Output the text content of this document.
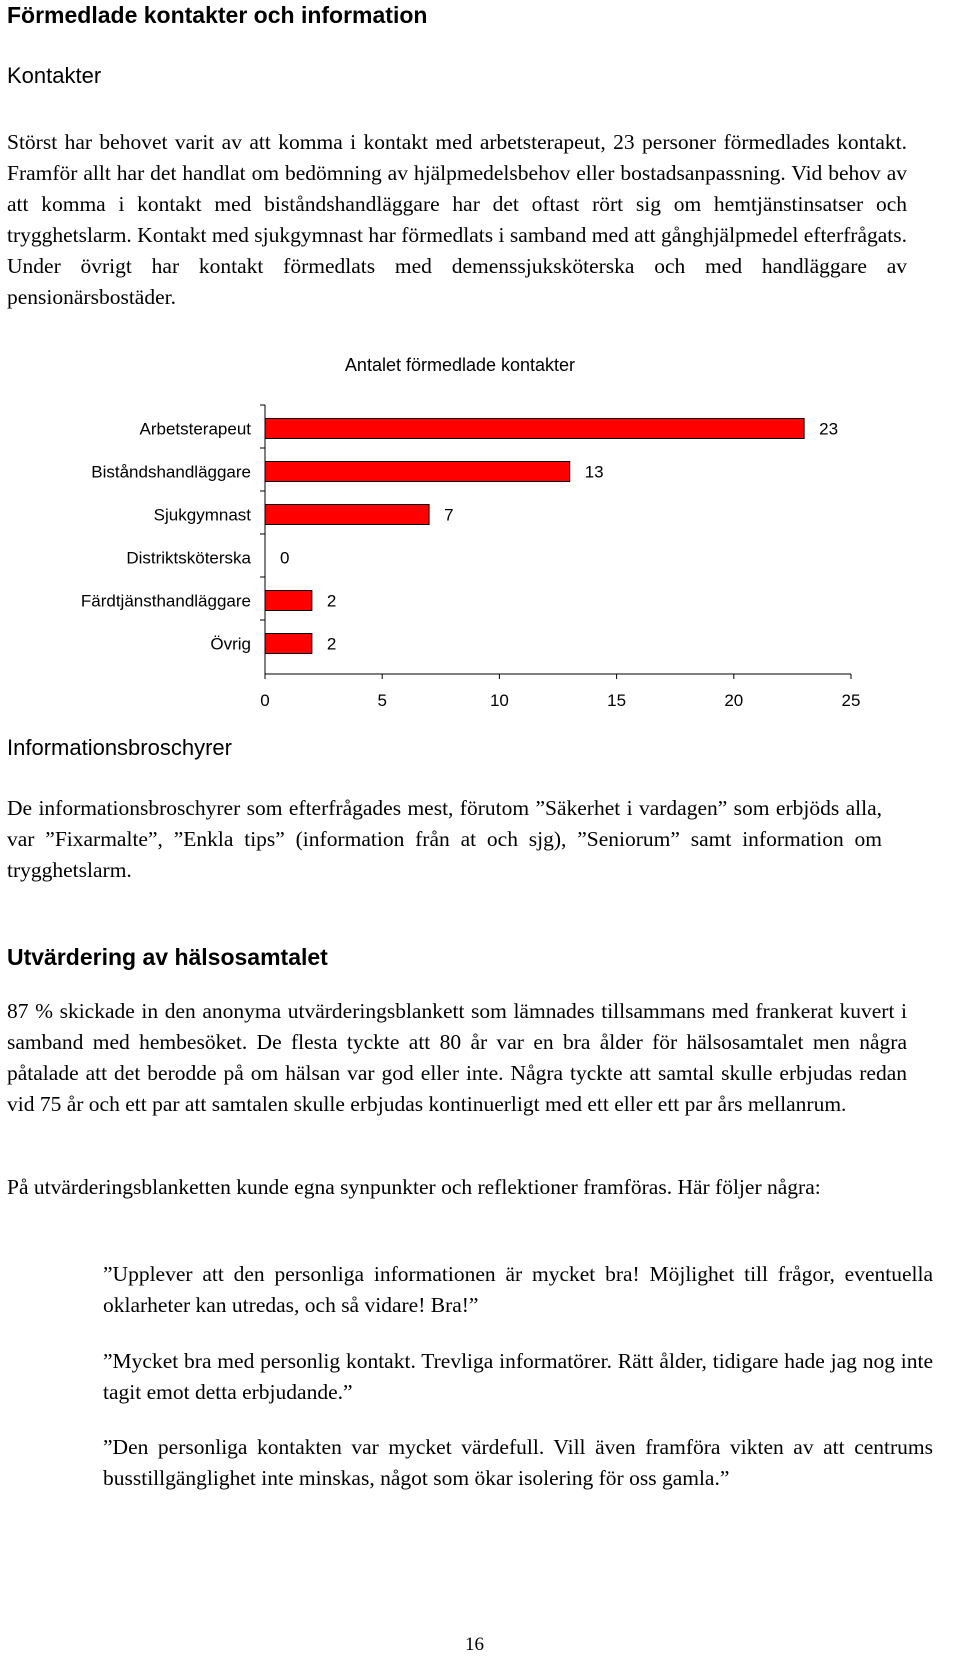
Förmedlade kontakter och information
Kontakter
Störst har behovet varit av att komma i kontakt med arbetsterapeut, 23 personer förmedlades kontakt. Framför allt har det handlat om bedömning av hjälpmedelsbehov eller bostadsanpassning. Vid behov av att komma i kontakt med biståndshandläggare har det oftast rört sig om hemtjänstinsatser och trygghetslarm. Kontakt med sjukgymnast har förmedlats i samband med att gånghjälpmedel efterfrågats. Under övrigt har kontakt förmedlats med demenssjuksköterska och med handläggare av pensionärsbostäder.
Antalet förmedlade kontakter
Arbetsterapeut	23
Biståndshandläggare	13
Sjukgymnast	7
Distriktsköterska 0
Färdtjänsthandläggare	2
Övrig	2
0	5	10	15	20	25
Informationsbroschyrer
De informationsbroschyrer som efterfrågades mest, förutom ”Säkerhet i vardagen” som erbjöds alla, var ”Fixarmalte”, ”Enkla tips” (information från at och sjg), ”Seniorum” samt information om trygghetslarm.
Utvärdering av hälsosamtalet
87 % skickade in den anonyma utvärderingsblankett som lämnades tillsammans med frankerat kuvert i samband med hembesöket. De flesta tyckte att 80 år var en bra ålder för hälsosamtalet men några påtalade att det berodde på om hälsan var god eller inte. Några tyckte att samtal skulle erbjudas redan vid 75 år och ett par att samtalen skulle erbjudas kontinuerligt med ett eller ett par års mellanrum.
På utvärderingsblanketten kunde egna synpunkter och reflektioner framföras. Här följer några:
”Upplever att den personliga informationen är mycket bra! Möjlighet till frågor, eventuella oklarheter kan utredas, och så vidare! Bra!”
”Mycket bra med personlig kontakt. Trevliga informatörer. Rätt ålder, tidigare hade jag nog inte tagit emot detta erbjudande.”
”Den personliga kontakten var mycket värdefull. Vill även framföra vikten av att centrums busstillgänglighet inte minskas, något som ökar isolering för oss gamla.”
16
